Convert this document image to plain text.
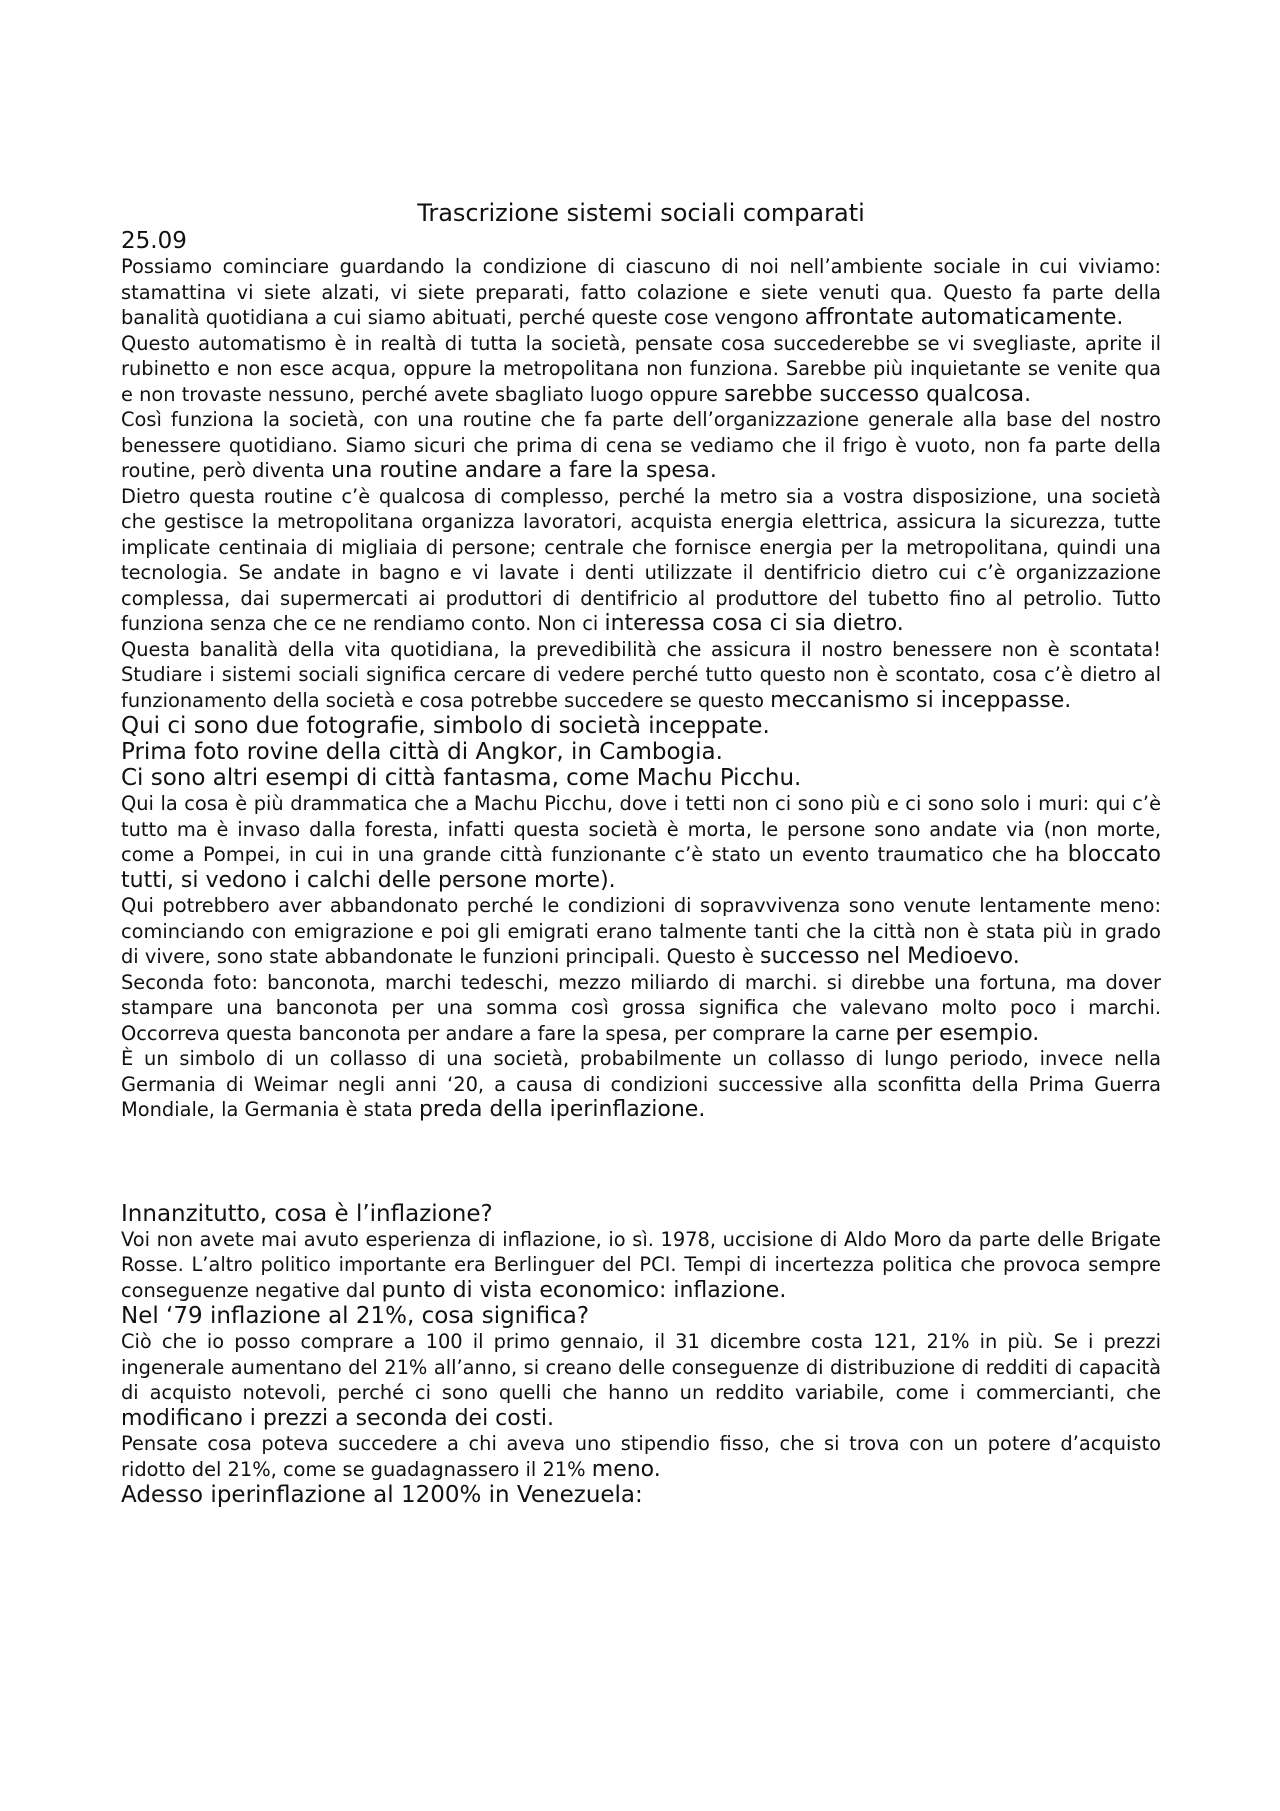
Trascrizione sistemi sociali comparati

25.09

Possiamo cominciare guardando la condizione di ciascuno di noi nell’ambiente sociale in cui viviamo: stamattina vi siete alzati, vi siete preparati, fatto colazione e siete venuti qua. Questo fa parte della banalità quotidiana a cui siamo abituati, perché queste cose vengono affrontate automaticamente.

Questo automatismo è in realtà di tutta la società, pensate cosa succederebbe se vi svegliaste, aprite il rubinetto e non esce acqua, oppure la metropolitana non funziona. Sarebbe più inquietante se venite qua e non trovaste nessuno, perché avete sbagliato luogo oppure sarebbe successo qualcosa.

Così funziona la società, con una routine che fa parte dell’organizzazione generale alla base del nostro benessere quotidiano. Siamo sicuri che prima di cena se vediamo che il frigo è vuoto, non fa parte della routine, però diventa una routine andare a fare la spesa.

Dietro questa routine c’è qualcosa di complesso, perché la metro sia a vostra disposizione, una società che gestisce la metropolitana organizza lavoratori, acquista energia elettrica, assicura la sicurezza, tutte implicate centinaia di migliaia di persone; centrale che fornisce energia per la metropolitana, quindi una tecnologia. Se andate in bagno e vi lavate i denti utilizzate il dentifricio dietro cui c’è organizzazione complessa, dai supermercati ai produttori di dentifricio al produttore del tubetto fino al petrolio. Tutto funziona senza che ce ne rendiamo conto. Non ci interessa cosa ci sia dietro.

Questa banalità della vita quotidiana, la prevedibilità che assicura il nostro benessere non è scontata! Studiare i sistemi sociali significa cercare di vedere perché tutto questo non è scontato, cosa c’è dietro al funzionamento della società e cosa potrebbe succedere se questo meccanismo si inceppasse.

Qui ci sono due fotografie, simbolo di società inceppate.

Prima foto rovine della città di Angkor, in Cambogia.

Ci sono altri esempi di città fantasma, come Machu Picchu.

Qui la cosa è più drammatica che a Machu Picchu, dove i tetti non ci sono più e ci sono solo i muri: qui c’è tutto ma è invaso dalla foresta, infatti questa società è morta, le persone sono andate via (non morte, come a Pompei, in cui in una grande città funzionante c’è stato un evento traumatico che ha bloccato tutti, si vedono i calchi delle persone morte).

Qui potrebbero aver abbandonato perché le condizioni di sopravvivenza sono venute lentamente meno: cominciando con emigrazione e poi gli emigrati erano talmente tanti che la città non è stata più in grado di vivere, sono state abbandonate le funzioni principali. Questo è successo nel Medioevo.

Seconda foto: banconota, marchi tedeschi, mezzo miliardo di marchi. si direbbe una fortuna, ma dover stampare una banconota per una somma così grossa significa che valevano molto poco i marchi. Occorreva questa banconota per andare a fare la spesa, per comprare la carne per esempio.

È un simbolo di un collasso di una società, probabilmente un collasso di lungo periodo, invece nella Germania di Weimar negli anni ‘20, a causa di condizioni successive alla sconfitta della Prima Guerra Mondiale, la Germania è stata preda della iperinflazione.

Innanzitutto, cosa è l’inflazione?

Voi non avete mai avuto esperienza di inflazione, io sì. 1978, uccisione di Aldo Moro da parte delle Brigate Rosse. L’altro politico importante era Berlinguer del PCI. Tempi di incertezza politica che provoca sempre conseguenze negative dal punto di vista economico: inflazione.

Nel ‘79 inflazione al 21%, cosa significa?

Ciò che io posso comprare a 100 il primo gennaio, il 31 dicembre costa 121, 21% in più. Se i prezzi ingenerale aumentano del 21% all’anno, si creano delle conseguenze di distribuzione di redditi di capacità di acquisto notevoli, perché ci sono quelli che hanno un reddito variabile, come i commercianti, che modificano i prezzi a seconda dei costi.

Pensate cosa poteva succedere a chi aveva uno stipendio fisso, che si trova con un potere d’acquisto ridotto del 21%, come se guadagnassero il 21% meno.

Adesso iperinflazione al 1200% in Venezuela:
